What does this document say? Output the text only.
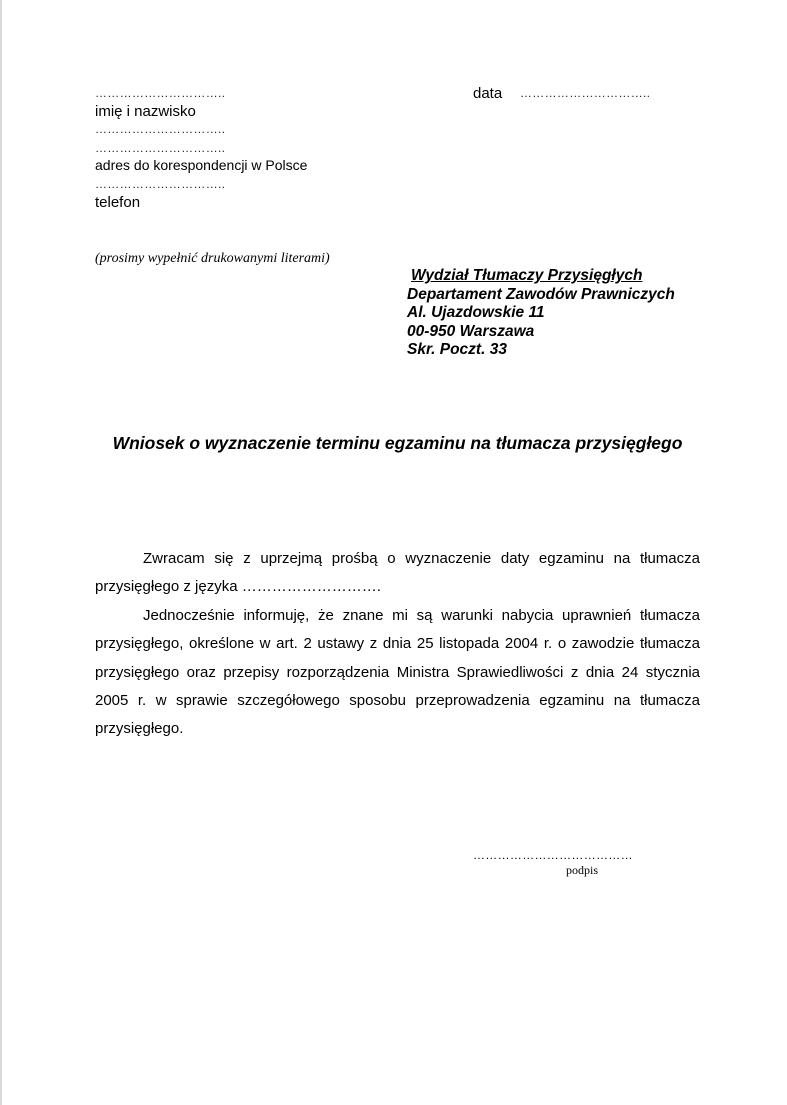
…………………………..
imię i nazwisko
…………………………..
…………………………..
adres do korespondencji w Polsce
…………………………..
telefon
data …………………………..
(prosimy wypełnić drukowanymi literami)
Wydział Tłumaczy Przysięgłych
Departament Zawodów Prawniczych
Al. Ujazdowskie 11
00-950 Warszawa
Skr. Poczt. 33
Wniosek o wyznaczenie terminu egzaminu na tłumacza przysięgłego

Zwracam się z uprzejmą prośbą o wyznaczenie daty egzaminu na tłumacza przysięgłego z języka ……………………….

Jednocześnie informuję, że znane mi są warunki nabycia uprawnień tłumacza przysięgłego, określone w art. 2 ustawy z dnia 25 listopada 2004 r. o zawodzie tłumacza przysięgłego oraz przepisy rozporządzenia Ministra Sprawiedliwości z dnia 24 stycznia 2005 r. w sprawie szczegółowego sposobu przeprowadzenia egzaminu na tłumacza przysięgłego.

…………………………………
podpis
